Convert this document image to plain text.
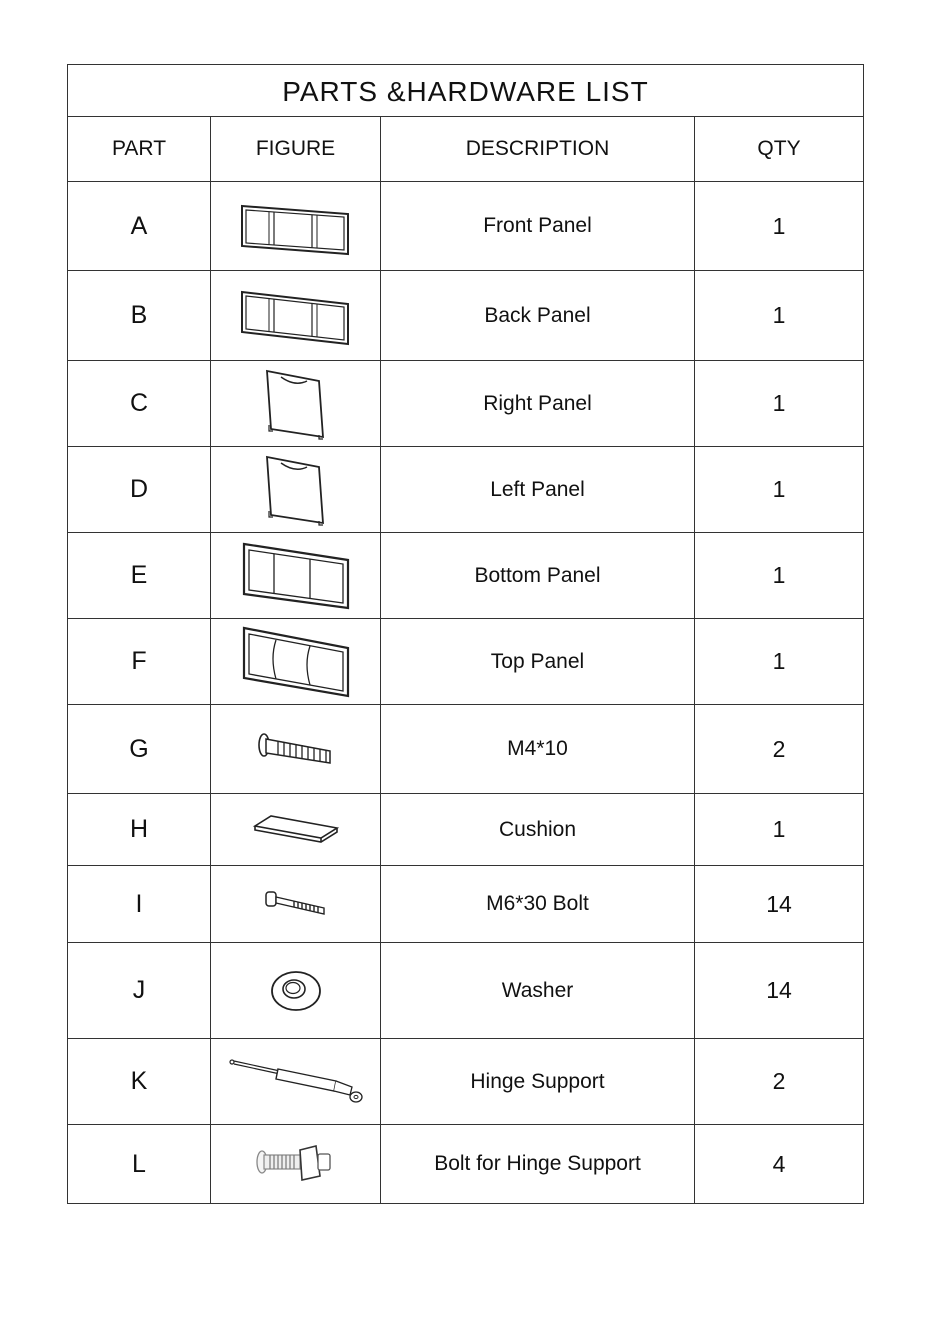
PARTS &HARDWARE LIST
PART	FIGURE	DESCRIPTION	QTY
A	Front Panel	1
B	Back Panel	1
C	Right Panel	1
D	Left Panel	1
E	Bottom Panel	1
F	Top Panel	1
G	M4*10	2
H	Cushion	1
I	M6*30 Bolt	14
J	Washer	14
K	Hinge Support	2
L	Bolt for Hinge Support	4
